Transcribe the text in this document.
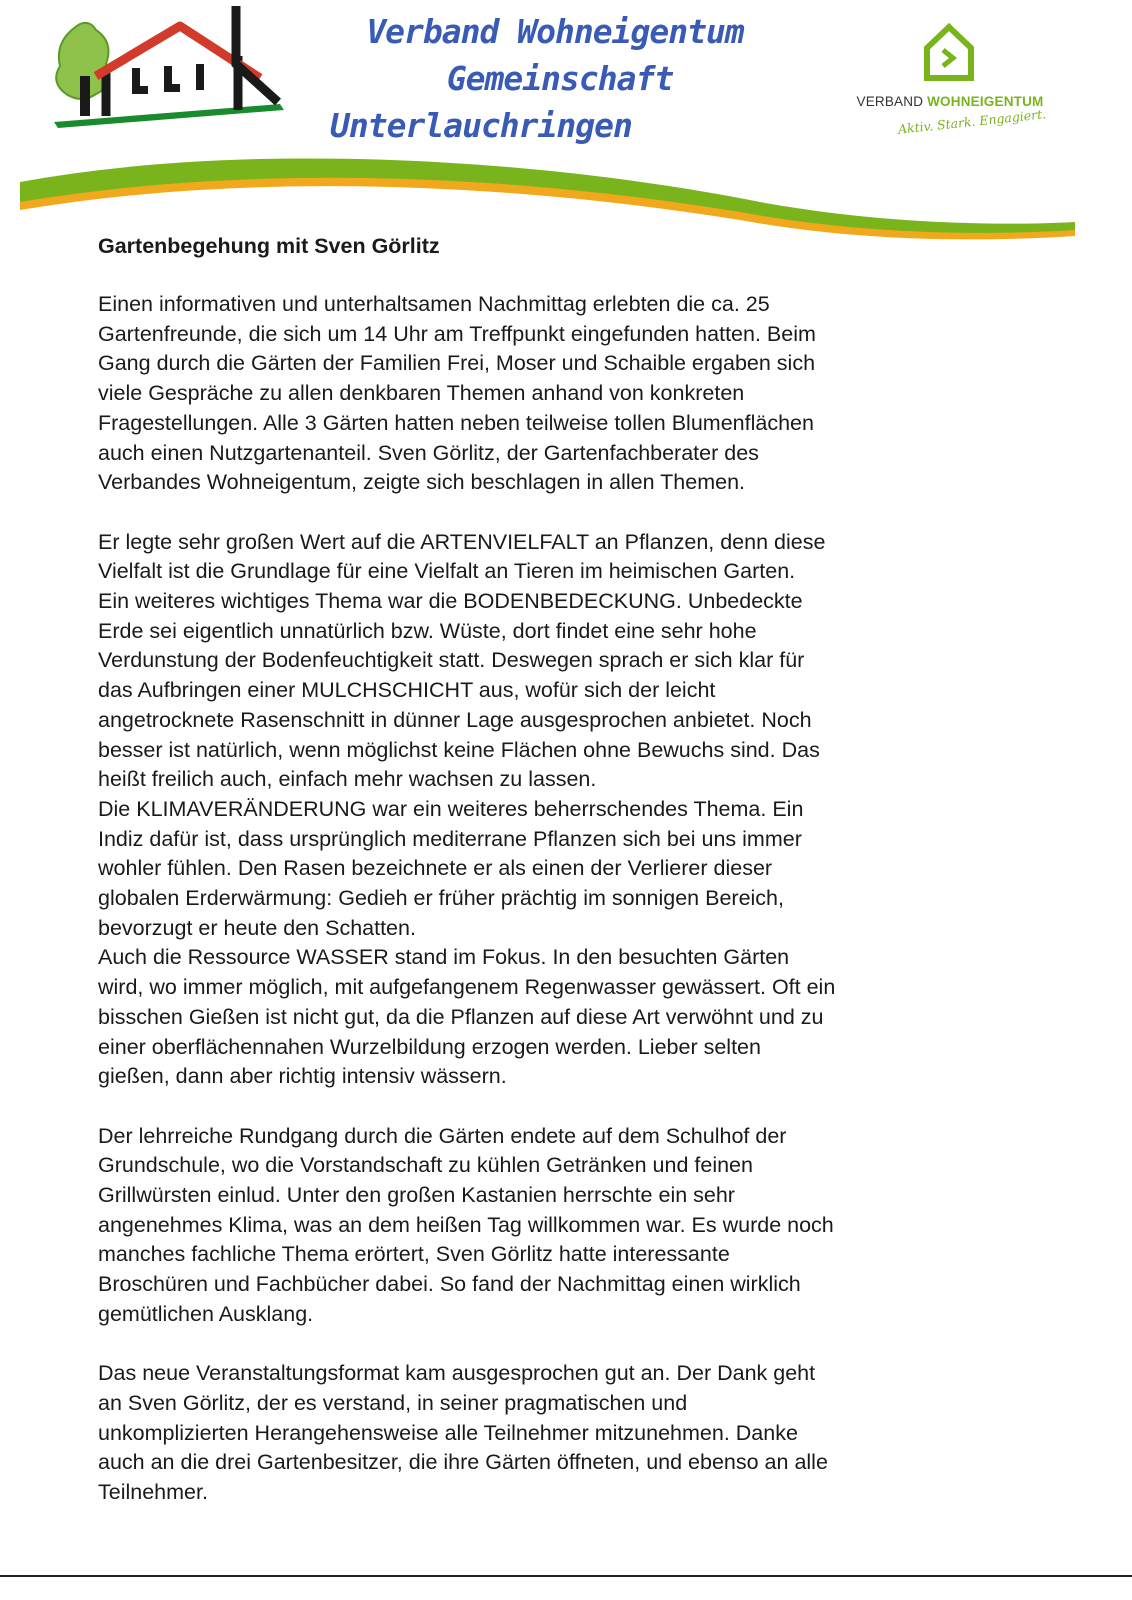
Verband Wohneigentum
Gemeinschaft
Unterlauchringen
VERBAND WOHNEIGENTUM
Aktiv. Stark. Engagiert.
Gartenbegehung mit Sven Görlitz
Einen informativen und unterhaltsamen Nachmittag erlebten die ca. 25
Gartenfreunde, die sich um 14 Uhr am Treffpunkt eingefunden hatten. Beim
Gang durch die Gärten der Familien Frei, Moser und Schaible ergaben sich
viele Gespräche zu allen denkbaren Themen anhand von konkreten
Fragestellungen. Alle 3 Gärten hatten neben teilweise tollen Blumenflächen
auch einen Nutzgartenanteil. Sven Görlitz, der Gartenfachberater des
Verbandes Wohneigentum, zeigte sich beschlagen in allen Themen.
Er legte sehr großen Wert auf die ARTENVIELFALT an Pflanzen, denn diese
Vielfalt ist die Grundlage für eine Vielfalt an Tieren im heimischen Garten.
Ein weiteres wichtiges Thema war die BODENBEDECKUNG. Unbedeckte
Erde sei eigentlich unnatürlich bzw. Wüste, dort findet eine sehr hohe
Verdunstung der Bodenfeuchtigkeit statt. Deswegen sprach er sich klar für
das Aufbringen einer MULCHSCHICHT aus, wofür sich der leicht
angetrocknete Rasenschnitt in dünner Lage ausgesprochen anbietet. Noch
besser ist natürlich, wenn möglichst keine Flächen ohne Bewuchs sind. Das
heißt freilich auch, einfach mehr wachsen zu lassen.
Die KLIMAVERÄNDERUNG war ein weiteres beherrschendes Thema. Ein
Indiz dafür ist, dass ursprünglich mediterrane Pflanzen sich bei uns immer
wohler fühlen. Den Rasen bezeichnete er als einen der Verlierer dieser
globalen Erderwärmung: Gedieh er früher prächtig im sonnigen Bereich,
bevorzugt er heute den Schatten.
Auch die Ressource WASSER stand im Fokus. In den besuchten Gärten
wird, wo immer möglich, mit aufgefangenem Regenwasser gewässert. Oft ein
bisschen Gießen ist nicht gut, da die Pflanzen auf diese Art verwöhnt und zu
einer oberflächennahen Wurzelbildung erzogen werden. Lieber selten
gießen, dann aber richtig intensiv wässern.
Der lehrreiche Rundgang durch die Gärten endete auf dem Schulhof der
Grundschule, wo die Vorstandschaft zu kühlen Getränken und feinen
Grillwürsten einlud. Unter den großen Kastanien herrschte ein sehr
angenehmes Klima, was an dem heißen Tag willkommen war. Es wurde noch
manches fachliche Thema erörtert, Sven Görlitz hatte interessante
Broschüren und Fachbücher dabei. So fand der Nachmittag einen wirklich
gemütlichen Ausklang.
Das neue Veranstaltungsformat kam ausgesprochen gut an. Der Dank geht
an Sven Görlitz, der es verstand, in seiner pragmatischen und
unkomplizierten Herangehensweise alle Teilnehmer mitzunehmen. Danke
auch an die drei Gartenbesitzer, die ihre Gärten öffneten, und ebenso an alle
Teilnehmer.
